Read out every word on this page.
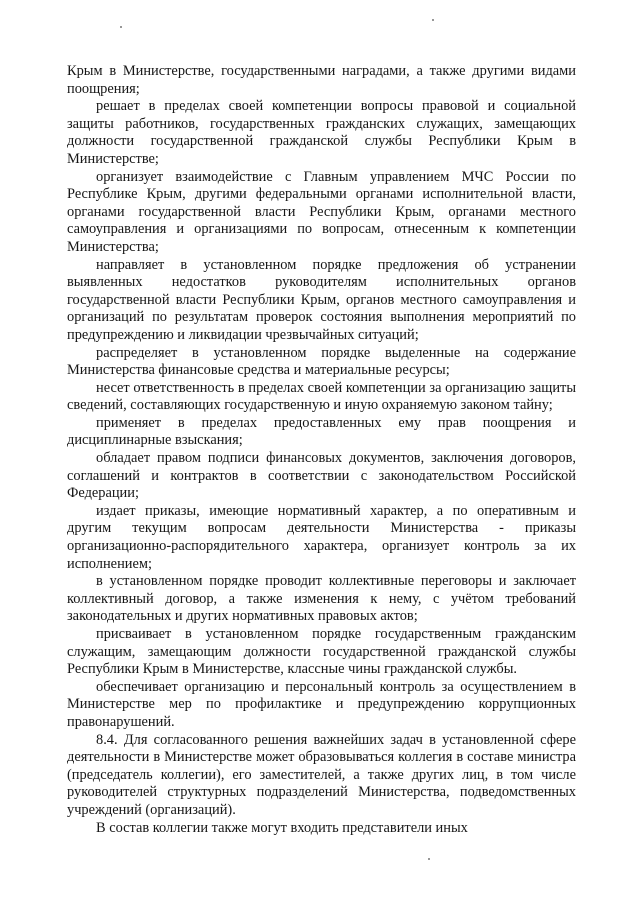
Крым в Министерстве, государственными наградами, а также другими видами поощрения;

решает в пределах своей компетенции вопросы правовой и социальной защиты работников, государственных гражданских служащих, замещающих должности государственной гражданской службы Республики Крым в Министерстве;

организует взаимодействие с Главным управлением МЧС России по Республике Крым, другими федеральными органами исполнительной власти, органами государственной власти Республики Крым, органами местного самоуправления и организациями по вопросам, отнесенным к компетенции Министерства;

направляет в установленном порядке предложения об устранении выявленных недостатков руководителям исполнительных органов государственной власти Республики Крым, органов местного самоуправления и организаций по результатам проверок состояния выполнения мероприятий по предупреждению и ликвидации чрезвычайных ситуаций;

распределяет в установленном порядке выделенные на содержание Министерства финансовые средства и материальные ресурсы;

несет ответственность в пределах своей компетенции за организацию защиты сведений, составляющих государственную и иную охраняемую законом тайну;

применяет в пределах предоставленных ему прав поощрения и дисциплинарные взыскания;

обладает правом подписи финансовых документов, заключения договоров, соглашений и контрактов в соответствии с законодательством Российской Федерации;

издает приказы, имеющие нормативный характер, а по оперативным и другим текущим вопросам деятельности Министерства - приказы организационно-распорядительного характера, организует контроль за их исполнением;

в установленном порядке проводит коллективные переговоры и заключает коллективный договор, а также изменения к нему, с учётом требований законодательных и других нормативных правовых актов;

присваивает в установленном порядке государственным гражданским служащим, замещающим должности государственной гражданской службы Республики Крым в Министерстве, классные чины гражданской службы.

обеспечивает организацию и персональный контроль за осуществлением в Министерстве мер по профилактике и предупреждению коррупционных правонарушений.

8.4. Для согласованного решения важнейших задач в установленной сфере деятельности в Министерстве может образовываться коллегия в составе министра (председатель коллегии), его заместителей, а также других лиц, в том числе руководителей структурных подразделений Министерства, подведомственных учреждений (организаций).

В состав коллегии также могут входить представители иных
